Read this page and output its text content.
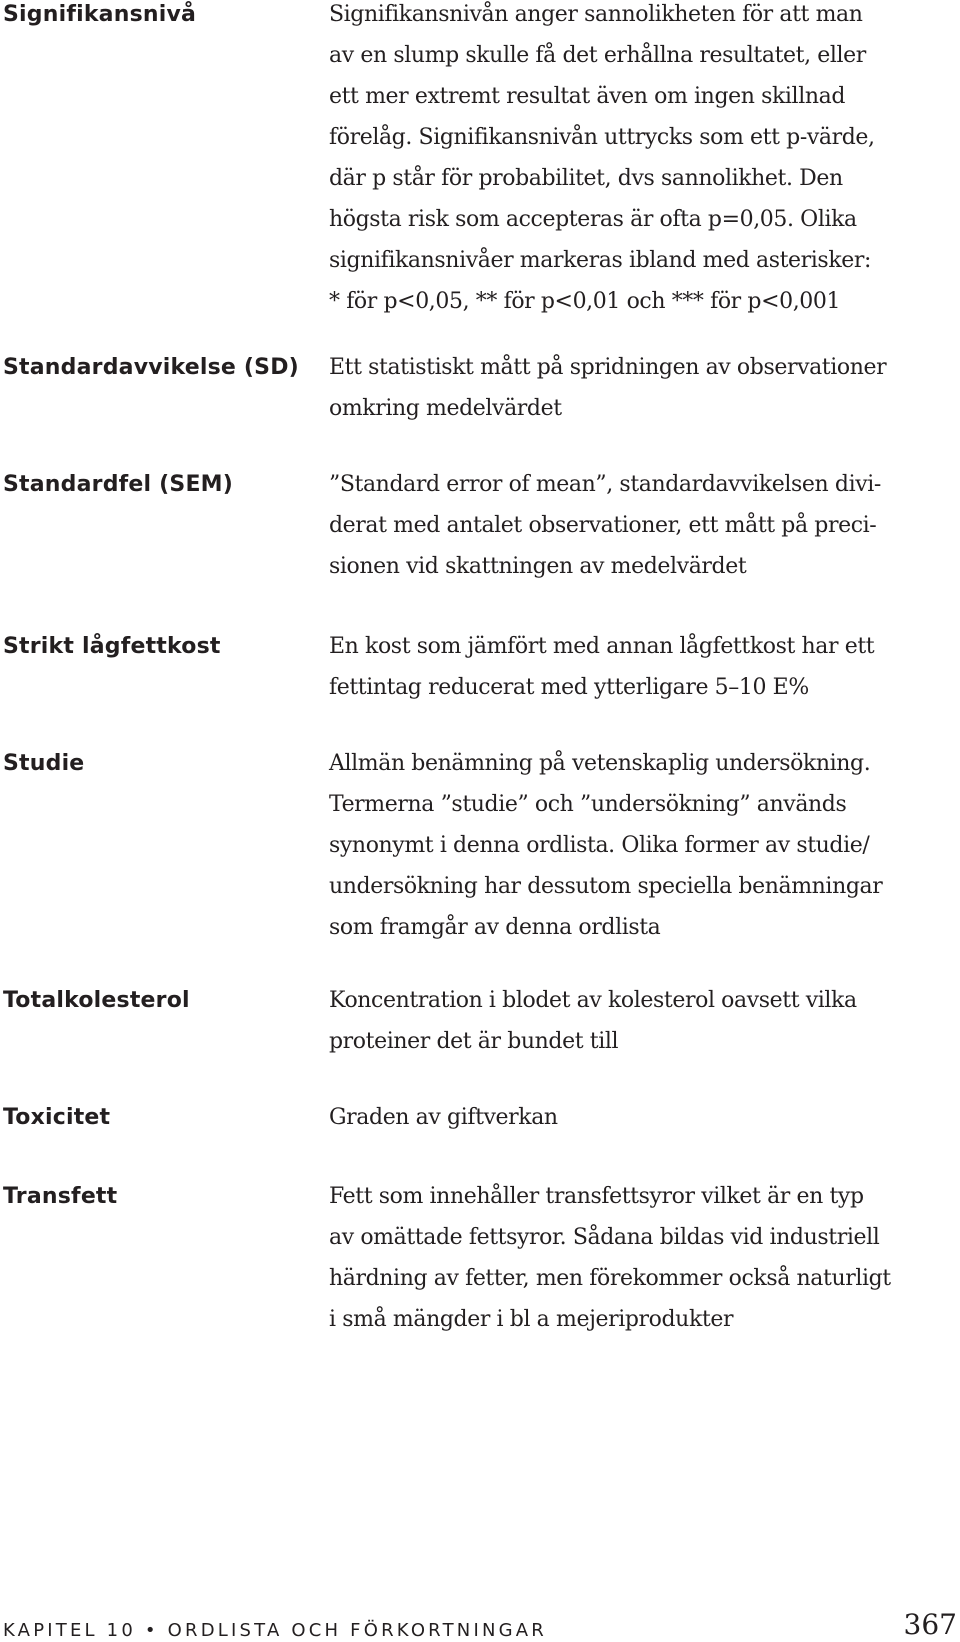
Signifikansnivå	Signifikansnivån anger sannolikheten för att man
av en slump skulle få det erhållna resultatet, eller
ett mer extremt resultat även om ingen skillnad
förelåg. Signifikansnivån uttrycks som ett p-värde,
där p står för probabilitet, dvs sannolikhet. Den
högsta risk som accepteras är ofta p=0,05. Olika
signifikansnivåer markeras ibland med asterisker:
* för p<0,05, ** för p<0,01 och *** för p<0,001
Standardavvikelse (SD) Ett statistiskt mått på spridningen av observationer
omkring medelvärdet
Standardfel (SEM)	”Standard error of mean”, standardavvikelsen divi-
derat med antalet observationer, ett mått på preci-
sionen vid skattningen av medelvärdet
Strikt lågfettkost	En kost som jämfört med annan lågfettkost har ett
fettintag reducerat med ytterligare 5–10 E%
Studie	Allmän benämning på vetenskaplig undersökning.
Termerna ”studie” och ”undersökning” används
synonymt i denna ordlista. Olika former av studie/
undersökning har dessutom speciella benämningar
som framgår av denna ordlista
Totalkolesterol	Koncentration i blodet av kolesterol oavsett vilka
proteiner det är bundet till
Toxicitet	Graden av giftverkan
Transfett	Fett som innehåller transfettsyror vilket är en typ
av omättade fettsyror. Sådana bildas vid industriell
härdning av fetter, men förekommer också naturligt
i små mängder i bl a mejeriprodukter
KAPITEL 10 • ORDLISTA OCH FÖRKORTNINGAR	367
